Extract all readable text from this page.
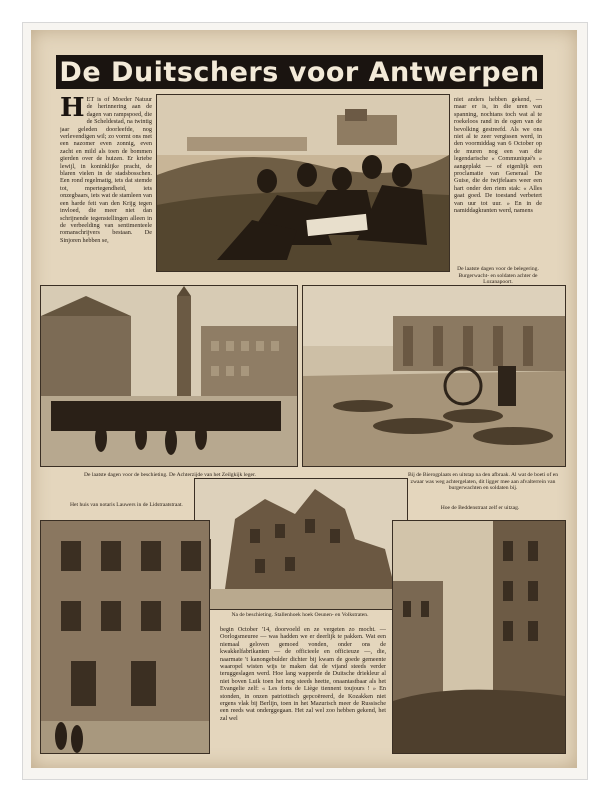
De Duitschers voor Antwerpen
H ET is of Moeder Natuur de herinnering aan de dagen van rampspoed, die de Scheldestad, na twintig jaar geleden doorleefde, nog verlevendigen wil; zo vormt ons met een nazomer even zonnig, even zacht en mild als toen de bommen gierden over de huizen. Er kriebe lewijl, in koninklijke pracht, de blaren vielen in de stadsbosschen. Een rond regelmatig, iets dat stemde tot, mpertegendheid, iets onzegbaars, iets wat de stamleen van een harde feit van den Krijg tegen invloed, die meer niet dan schrijnende tegenstellingen alleen in de verbeelding van sentimenteele romanschrijvers bestaan. De Sinjoren hebben se,
niet anders hebben gekend, — maar er is, in die uren van spanning, nochtans toch wat al te roekeloos rand in de ogen van de bevolking gestreefd. Als we ons niet al te zeer vergissen werd, in den voormiddag van 6 October op de muren nog een van die legendarische « Communiqué's » aangeplakt — of eigenlijk een proclamatie van Generaal De Guise, die de twijfelaars weer een hart onder den riem stak: « Alles gaat goed. De toestand verbetert van uur tot uur. » En in de namiddagkranten werd, namens
De laatste dagen voor de belegering. Burgerwacht- en soldaten achter de Lozanapoort.
De laatste dagen voor de beschieting. De Achterzijde van het Zeilgkijk leger.	Bij de Bierogplaats en uitstap na den afbraak. Al wat de boeti of en zwaar was weg achtergelaten, dit ligger mee aan afvalterrein van burgerwachten en soldaten bij.
Het huis van notaris Lauwers in de Lidstraatstraat.	Hoe de Beddenstraat zelf er uitzag.
Na de beschieting. Stallenhoek hoek Oeunen- en Volkstraten.
begin October '14, doorvoeld en ze vergeten zo mocht. — Oorlogsmeuree — was hadden we er deerlijk te pakken. Wat een niemaal geloven gemoed vonden, onder ons de kwakkelfabrikanten — de officieele en officieuze —, die, naarmate 't kanongebulder dichter bij kwam de goede gemeente waaropel wisten wijs te maken dat de vijand steeds verder teruggeslagen werd. Hoe lang wapperde de Duitsche driekleur al niet boven Luik toen het nog steeds heette, onaantastbaar als het Evangelie zelf: « Les forts de Liège tiennent toujours ! » En stonden, in onzen patriottisch gepcoëreerd, de Kozakken niet ergens vlak bij Berlijn, toen in het Mazurisch meer de Russische een reeds wat onderggegaan. Het zal wel zoo hebben gekend, het zal wel
